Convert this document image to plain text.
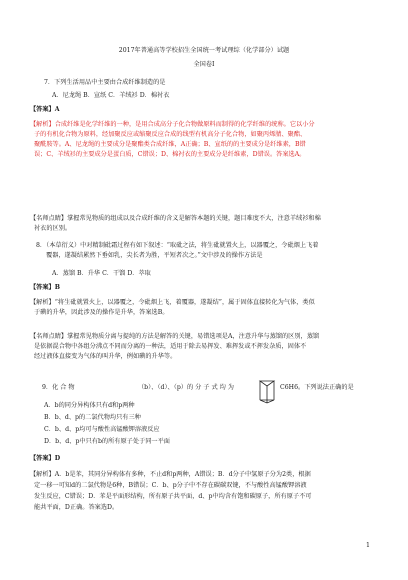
2017年普通高等学校招生全国统一考试理综（化学部分）试题
全国卷Ⅰ
7．下列生活用品中主要由合成纤维制造的是
A．尼龙绳 B．宣纸 C．羊绒衫 D．棉衬衣
【答案】A
【解析】合成纤维是化学纤维的一种，是用合成高分子化合物做原料而制得的化学纤维的统称。它以小分
子的有机化合物为原料，经加聚反应或缩聚反应合成的线型有机高分子化合物，如聚丙烯腈、聚酯、
聚酰胺等。A、尼龙绳的主要成分是聚酯类合成纤维，A正确；B、宣纸的的主要成分是纤维素，B错
误；C、羊绒衫的主要成分是蛋白质，C错误；D、棉衬衣的主要成分是纤维素，D错误。答案选A。
【名师点睛】掌握常见物质的组成以及合成纤维的含义是解答本题的关键，题目难度不大，注意羊绒衫和棉
衬衣的区别。
8．（本草衍义）中对精制砒霜过程有如下叙述：“取砒之法，将生砒就置火上，以器覆之，令砒烟上飞着
覆器，遂凝结累然下垂如乳，尖长者为胜，平短者次之。”文中涉及的操作方法是
A．蒸馏 B．升华 C．干馏 D．萃取
【答案】B
【解析】“将生砒就置火上，以器覆之，令砒烟上飞，着覆器，遂凝结”，属于固体直接转化为气体，类似
于碘的升华，因此涉及的操作是升华，答案选B。
【名师点睛】掌握常见物质分离与提纯的方法是解答的关键，易错选项是A，注意升华与蒸馏的区别，蒸馏
是依据混合物中各组分沸点不同而分离的一种法，适用于除去易挥发、难挥发或不挥发杂质，固体不
经过液体直接变为气体的叫升华，例如碘的升华等。
9．化 合 物	（b）、（d）、（p）的 分 子 式 均 为	C6H6。下列说法正确的是
A．b的同分异构体只有d和p两种
B．b、d、p的二氯代物均只有三种
C．b、d、p均可与酸性高锰酸钾溶液反应
D．b、d、p中只有b的所有原子处于同一平面
【答案】D
【解析】A．b是苯，其同分异构体有多种，不止d和p两种，A错误；B．d分子中氢原子分为2类，根据
定一移一可知d的二氯代物是6种，B错误；C．b、p分子中不存在碳碳双键，不与酸性高锰酸钾溶液
发生反应，C错误；D．苯是平面形结构，所有原子共平面，d、p中均含有饱和碳原子，所有原子不可
能共平面，D正确。答案选D。
1
